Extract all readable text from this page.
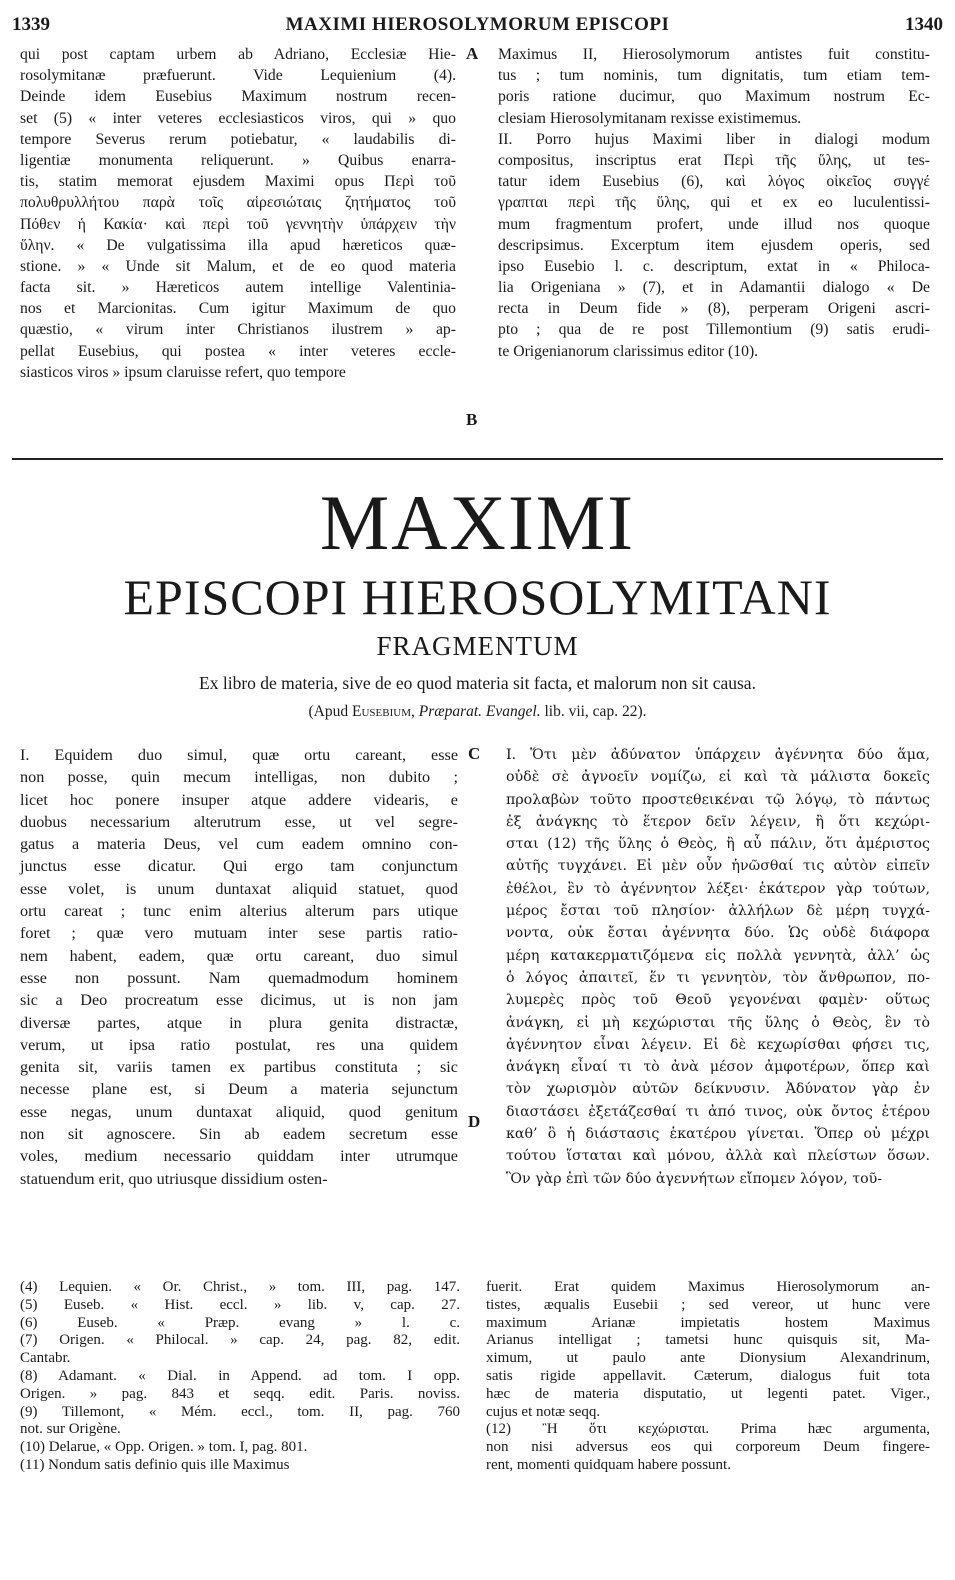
1339	MAXIMI HIEROSOLYMORUM EPISCOPI	1340
qui post captam urbem ab Adriano, Ecclesiæ Hie-
rosolymitanæ præfuerunt. Vide Lequienium (4).
Deinde idem Eusebius Maximum nostrum recen-
set (5) « inter veteres ecclesiasticos viros, qui » quo
tempore Severus rerum potiebatur, « laudabilis di-
ligentiæ monumenta reliquerunt. » Quibus enarra-
tis, statim memorat ejusdem Maximi opus Περὶ τοῦ
πολυθρυλλήτου παρὰ τοῖς αἱρεσιώταις ζητήματος τοῦ
Πόθεν ἡ Κακία· καὶ περὶ τοῦ γεννητὴν ὑπάρχειν τὴν
ὕλην. « De vulgatissima illa apud hæreticos quæ-
stione. » « Unde sit Malum, et de eo quod materia
facta sit. » Hæreticos autem intellige Valentinia-
nos et Marcionitas. Cum igitur Maximum de quo
quæstio, « virum inter Christianos ilustrem » ap-
pellat Eusebius, qui postea « inter veteres eccle-
siasticos viros » ipsum claruisse refert, quo tempore
A
B
Maximus II, Hierosolymorum antistes fuit constitu-
tus ; tum nominis, tum dignitatis, tum etiam tem-
poris ratione ducimur, quo Maximum nostrum Ec-
clesiam Hierosolymitanam rexisse existimemus.
II. Porro hujus Maximi liber in dialogi modum
compositus, inscriptus erat Περὶ τῆς ὕλης, ut tes-
tatur idem Eusebius (6), καὶ λόγος οἰκεῖος συγγέ
γραπται περὶ τῆς ὕλης, qui et ex eo luculentissi-
mum fragmentum profert, unde illud nos quoque
descripsimus. Excerptum item ejusdem operis, sed
ipso Eusebio l. c. descriptum, extat in « Philoca-
lia Origeniana » (7), et in Adamantii dialogo « De
recta in Deum fide » (8), perperam Origeni ascri-
pto ; qua de re post Tillemontium (9) satis erudi-
te Origenianorum clarissimus editor (10).
MAXIMI
EPISCOPI HIEROSOLYMITANI
FRAGMENTUM
Ex libro de materia, sive de eo quod materia sit facta, et malorum non sit causa.
(Apud Eusebium, Præparat. Evangel. lib. vii, cap. 22).
I. Equidem duo simul, quæ ortu careant, esse
non posse, quin mecum intelligas, non dubito ;
licet hoc ponere insuper atque addere videaris, e
duobus necessarium alterutrum esse, ut vel segre-
gatus a materia Deus, vel cum eadem omnino con-
junctus esse dicatur. Qui ergo tam conjunctum
esse volet, is unum duntaxat aliquid statuet, quod
ortu careat ; tunc enim alterius alterum pars utique
foret ; quæ vero mutuam inter sese partis ratio-
nem habent, eadem, quæ ortu careant, duo simul
esse non possunt. Nam quemadmodum hominem
sic a Deo procreatum esse dicimus, ut is non jam
diversæ partes, atque in plura genita distractæ,
verum, ut ipsa ratio postulat, res una quidem
genita sit, variis tamen ex partibus constituta ; sic
necesse plane est, si Deum a materia sejunctum
esse negas, unum duntaxat aliquid, quod genitum
non sit agnoscere. Sin ab eadem secretum esse
voles, medium necessario quiddam inter utrumque
statuendum erit, quo utriusque dissidium osten-
C
D
I. Ὅτι μὲν ἀδύνατον ὑπάρχειν ἀγέννητα δύο ἅμα,
οὐδὲ σὲ ἀγνοεῖν νομίζω, εἰ καὶ τὰ μάλιστα δοκεῖς
προλαβὼν τοῦτο προστεθεικέναι τῷ λόγῳ, τὸ πάντως
ἐξ ἀνάγκης τὸ ἕτερον δεῖν λέγειν, ἢ ὅτι κεχώρι-
σται (12) τῆς ὕλης ὁ Θεὸς, ἢ αὖ πάλιν, ὅτι ἀμέριστος
αὐτῆς τυγχάνει. Εἰ μὲν οὖν ἡνῶσθαί τις αὐτὸν εἰπεῖν
ἐθέλοι, ἓν τὸ ἀγέννητον λέξει· ἑκάτερον γὰρ τούτων,
μέρος ἔσται τοῦ πλησίον· ἀλλήλων δὲ μέρη τυγχά-
νοντα, οὐκ ἔσται ἀγέννητα δύο. Ὡς οὐδὲ διάφορα
μέρη κατακερματιζόμενα εἰς πολλὰ γεννητὰ, ἀλλ’ ὡς
ὁ λόγος ἀπαιτεῖ, ἕν τι γεννητὸν, τὸν ἄνθρωπον, πο-
λυμερὲς πρὸς τοῦ Θεοῦ γεγονέναι φαμὲν· οὕτως
ἀνάγκη, εἰ μὴ κεχώρισται τῆς ὕλης ὁ Θεὸς, ἓν τὸ
ἀγέννητον εἶναι λέγειν. Εἰ δὲ κεχωρίσθαι φήσει τις,
ἀνάγκη εἶναί τι τὸ ἀνὰ μέσον ἀμφοτέρων, ὅπερ καὶ
τὸν χωρισμὸν αὐτῶν δείκνυσιν. Ἀδύνατον γὰρ ἐν
διαστάσει ἐξετάζεσθαί τι ἀπό τινος, οὐκ ὄντος ἑτέρου
καθ’ ὃ ἡ διάστασις ἑκατέρου γίνεται. Ὅπερ οὐ μέχρι
τούτου ἵσταται καὶ μόνου, ἀλλὰ καὶ πλείστων ὅσων.
Ὃν γὰρ ἐπὶ τῶν δύο ἀγεννήτων εἴπομεν λόγον, τοῦ-
(4) Lequien. « Or. Christ., » tom. III, pag. 147.
(5) Euseb. « Hist. eccl. » lib. v, cap. 27.
(6) Euseb. « Præp. evang » l. c.
(7) Origen. « Philocal. » cap. 24, pag. 82, edit.
Cantabr.
(8) Adamant. « Dial. in Append. ad tom. I opp.
Origen. » pag. 843 et seqq. edit. Paris. noviss.
(9) Tillemont, « Mém. eccl., tom. II, pag. 760
not. sur Origène.
(10) Delarue, « Opp. Origen. » tom. I, pag. 801.
(11) Nondum satis definio quis ille Maximus
fuerit. Erat quidem Maximus Hierosolymorum an-
tistes, æqualis Eusebii ; sed vereor, ut hunc vere
maximum Arianæ impietatis hostem Maximus
Arianus intelligat ; tametsi hunc quisquis sit, Ma-
ximum, ut paulo ante Dionysium Alexandrinum,
satis rigide appellavit. Cæterum, dialogus fuit tota
hæc de materia disputatio, ut legenti patet. Viger.,
cujus et notæ seqq.
(12) Ἢ ὅτι κεχώρισται. Prima hæc argumenta,
non nisi adversus eos qui corporeum Deum fingere-
rent, momenti quidquam habere possunt.
